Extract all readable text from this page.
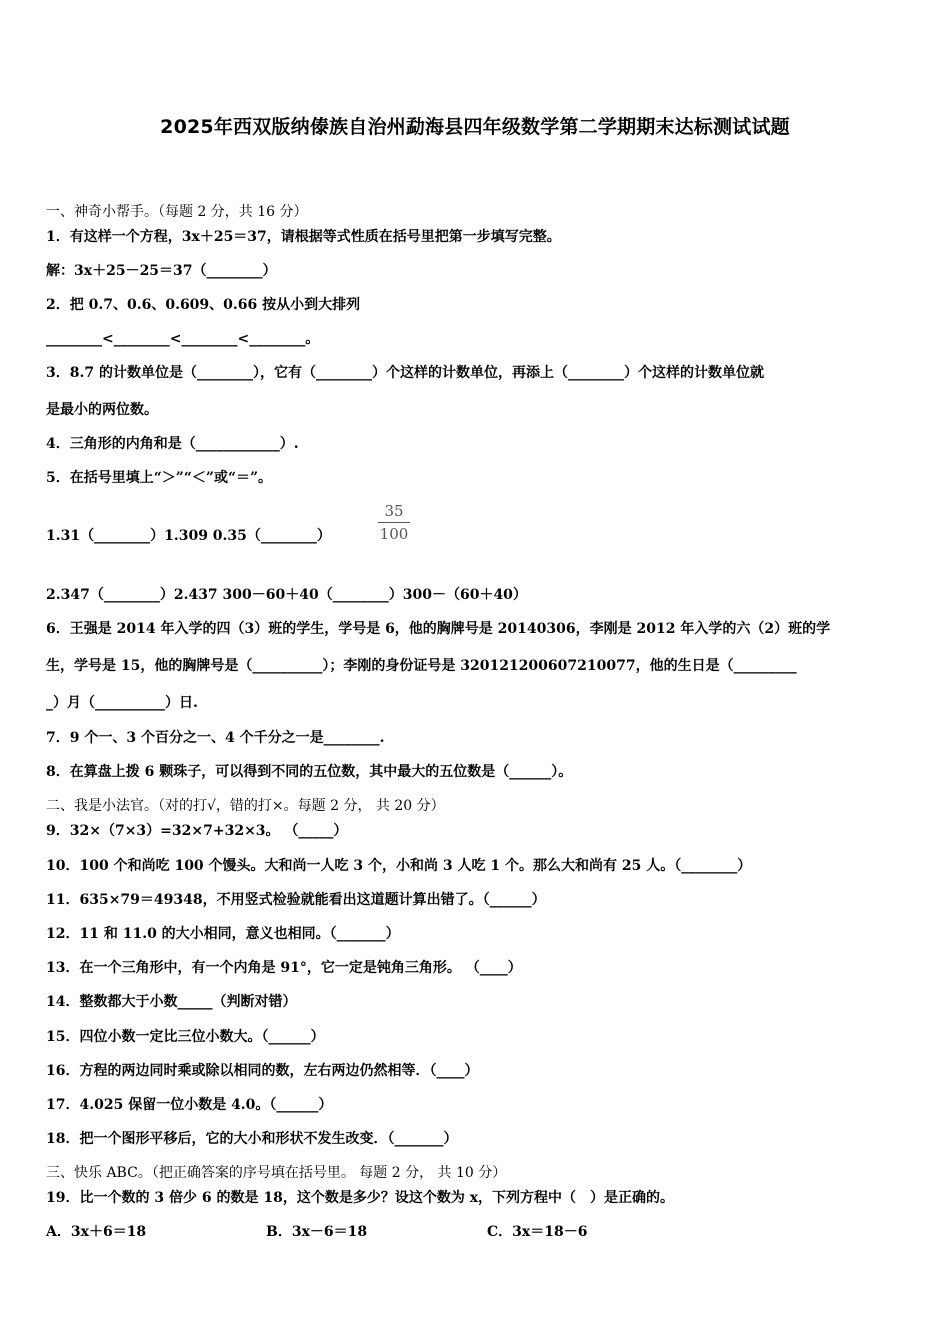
2025年西双版纳傣族自治州勐海县四年级数学第二学期期末达标测试试题
一、神奇小帮手。（每题 2 分，共 16 分）
1．有这样一个方程，3x＋25＝37，请根据等式性质在括号里把第一步填写完整。
解：3x＋25－25＝37（________）
2．把 0.7、0.6、0.609、0.66 按从小到大排列
________<________<________<________。
3．8.7 的计数单位是（________），它有（________）个这样的计数单位，再添上（________）个这样的计数单位就
是最小的两位数。
4．三角形的内角和是（____________）.
5．在括号里填上“＞”“＜”或“＝”。
1.31（________）1.309 0.35（________）
35
100
2.347（________）2.437 300－60＋40（________）300－（60＋40）
6．王强是 2014 年入学的四（3）班的学生，学号是 6，他的胸牌号是 20140306，李刚是 2012 年入学的六（2）班的学
生，学号是 15，他的胸牌号是（__________）；李刚的身份证号是 320121200607210077，他的生日是（_________
_）月（__________）日.
7．9 个一、3 个百分之一、4 个千分之一是________.
8．在算盘上拨 6 颗珠子，可以得到不同的五位数，其中最大的五位数是（______）。
二、我是小法官。（对的打√，错的打×。每题 2 分， 共 20 分）
9．32×（7×3）=32×7+32×3。 （_____）
10．100 个和尚吃 100 个馒头。大和尚一人吃 3 个，小和尚 3 人吃 1 个。那么大和尚有 25 人。（________）
11．635×79＝49348，不用竖式检验就能看出这道题计算出错了。（______）
12．11 和 11.0 的大小相同，意义也相同。（_______）
13．在一个三角形中，有一个内角是 91°，它一定是钝角三角形。 （____）
14．整数都大于小数_____（判断对错）
15．四位小数一定比三位小数大。（______）
16．方程的两边同时乘或除以相同的数，左右两边仍然相等．（____）
17．4.025 保留一位小数是 4.0。（______）
18．把一个图形平移后，它的大小和形状不发生改变．（_______）
三、快乐 ABC。（把正确答案的序号填在括号里。 每题 2 分， 共 10 分）
19．比一个数的 3 倍少 6 的数是 18，这个数是多少？设这个数为 x，下列方程中（　）是正确的。
A．3x＋6＝18	B．3x－6＝18	C．3x＝18－6
